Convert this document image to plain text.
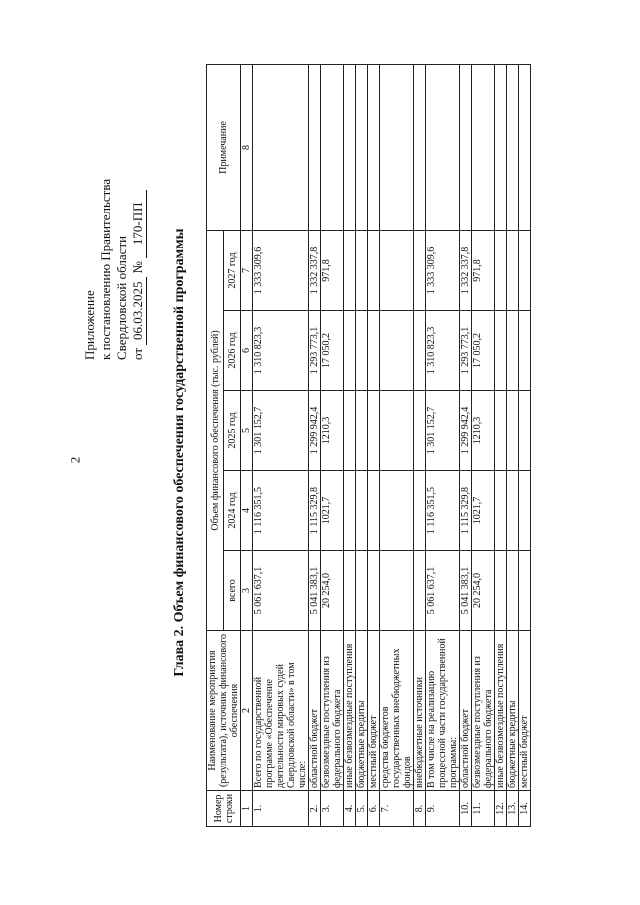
2
Приложение к постановлению Правительства Свердловской области от 06.03.2025 № 170-ПП
Глава 2. Объем финансового обеспечения государственной программы
Номер строки	Наименование мероприятия (результата), источник финансового обеспечения	Объем финансового обеспечения (тыс. рублей)					Примечание
		всего	2024 год	2025 год	2026 год	2027 год	
1	2	3	4	5	6	7	8
1.	Всего по государственной программе «Обеспечение деятельности мировых судей Свердловской области» в том числе:	5 061 637,1	1 116 351,5	1 301 152,7	1 310 823,3	1 333 309,6	
2.	областной бюджет	5 041 383,1	1 115 329,8	1 299 942,4	1 293 773,1	1 332 337,8	
3.	безвозмездные поступления из федерального бюджета	20 254,0	1021,7	1210,3	17 050,2	971,8	
4.	иные безвозмездные поступления						
5.	бюджетные кредиты						
6.	местный бюджет						
7.	средства бюджетов государственных внебюджетных фондов						
8.	внебюджетные источники						
9.	В том числе на реализацию процессной части государственной программы:	5 061 637,1	1 116 351,5	1 301 152,7	1 310 823,3	1 333 309,6	
10.	областной бюджет	5 041 383,1	1 115 329,8	1 299 942,4	1 293 773,1	1 332 337,8	
11.	безвозмездные поступления из федерального бюджета	20 254,0	1021,7	1210,3	17 050,2	971,8	
12.	иные безвозмездные поступления						
13.	бюджетные кредиты						
14.	местный бюджет						
